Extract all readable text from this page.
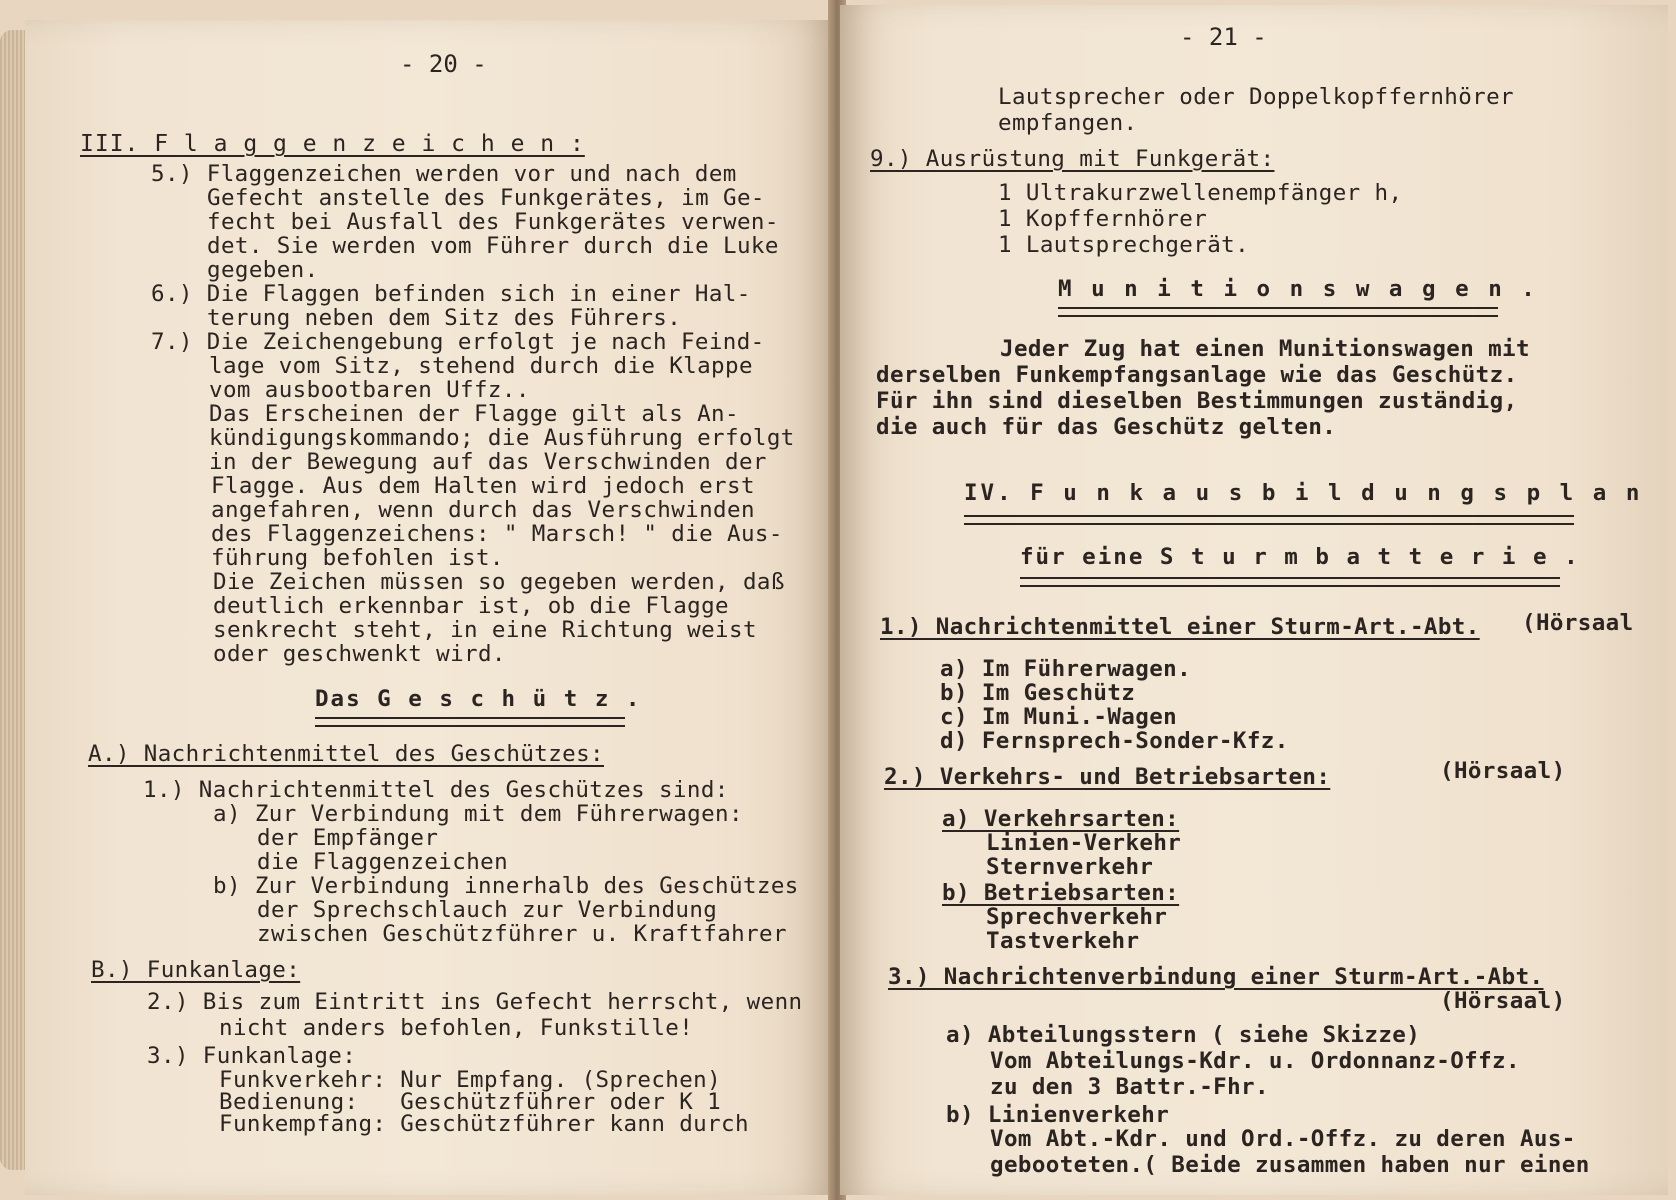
- 20 -
III. F l a g g e n z e i c h e n :
5.) Flaggenzeichen werden vor und nach dem
Gefecht anstelle des Funkgerätes, im Ge-
fecht bei Ausfall des Funkgerätes verwen-
det. Sie werden vom Führer durch die Luke
gegeben.
6.) Die Flaggen befinden sich in einer Hal-
terung neben dem Sitz des Führers.
7.) Die Zeichengebung erfolgt je nach Feind-
lage vom Sitz, stehend durch die Klappe
vom ausbootbaren Uffz..
Das Erscheinen der Flagge gilt als An-
kündigungskommando; die Ausführung erfolgt
in der Bewegung auf das Verschwinden der
Flagge. Aus dem Halten wird jedoch erst
angefahren, wenn durch das Verschwinden
des Flaggenzeichens: " Marsch! " die Aus-
führung befohlen ist.
Die Zeichen müssen so gegeben werden, daß
deutlich erkennbar ist, ob die Flagge
senkrecht steht, in eine Richtung weist
oder geschwenkt wird.
Das G e s c h ü t z .
A.) Nachrichtenmittel des Geschützes:
1.) Nachrichtenmittel des Geschützes sind:
a) Zur Verbindung mit dem Führerwagen:
der Empfänger
die Flaggenzeichen
b) Zur Verbindung innerhalb des Geschützes
der Sprechschlauch zur Verbindung
zwischen Geschützführer u. Kraftfahrer
B.) Funkanlage:
2.) Bis zum Eintritt ins Gefecht herrscht, wenn
nicht anders befohlen, Funkstille!
3.) Funkanlage:
Funkverkehr: Nur Empfang. (Sprechen)
Bedienung:   Geschützführer oder K 1
Funkempfang: Geschützführer kann durch
- 21 -
Lautsprecher oder Doppelkopffernhörer
empfangen.
9.) Ausrüstung mit Funkgerät:
1 Ultrakurzwellenempfänger h,
1 Kopffernhörer
1 Lautsprechgerät.
M u n i t i o n s w a g e n .
Jeder Zug hat einen Munitionswagen mit
derselben Funkempfangsanlage wie das Geschütz.
Für ihn sind dieselben Bestimmungen zuständig,
die auch für das Geschütz gelten.
IV. F u n k a u s b i l d u n g s p l a n
für eine S t u r m b a t t e r i e .
1.) Nachrichtenmittel einer Sturm-Art.-Abt. (Hörsaal
a) Im Führerwagen.
b) Im Geschütz
c) Im Muni.-Wagen
d) Fernsprech-Sonder-Kfz.
2.) Verkehrs- und Betriebsarten:	(Hörsaal)
a) Verkehrsarten:
Linien-Verkehr
Sternverkehr
b) Betriebsarten:
Sprechverkehr
Tastverkehr
3.) Nachrichtenverbindung einer Sturm-Art.-Abt.
(Hörsaal)
a) Abteilungsstern ( siehe Skizze)
Vom Abteilungs-Kdr. u. Ordonnanz-Offz.
zu den 3 Battr.-Fhr.
b) Linienverkehr
Vom Abt.-Kdr. und Ord.-Offz. zu deren Aus-
gebooteten.( Beide zusammen haben nur einen
